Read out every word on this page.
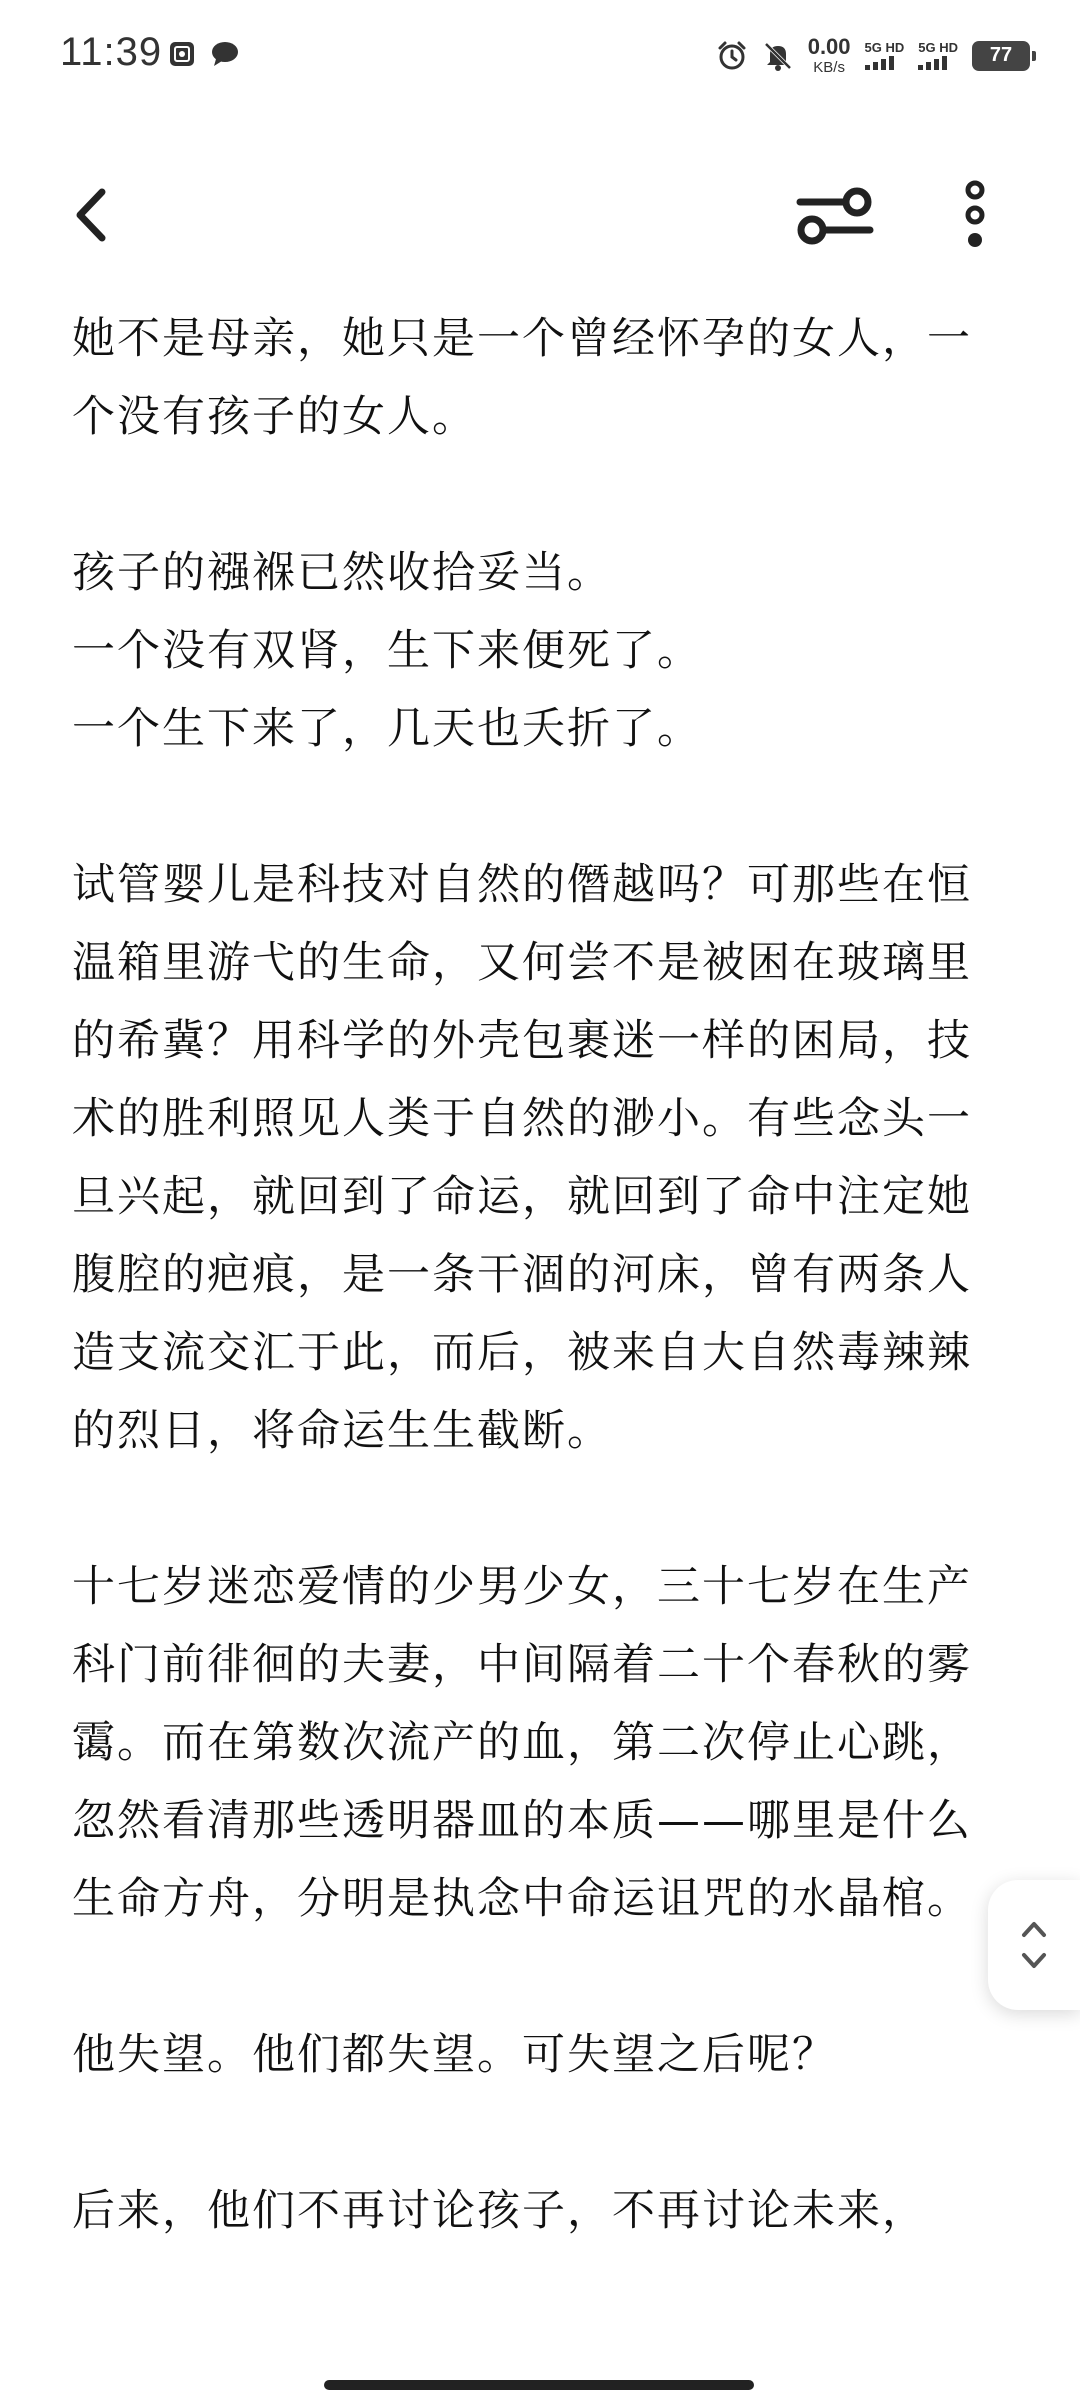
11:39	0.00
KB/s
5G HD 5G HD 77

她不是母亲，她只是一个曾经怀孕的女人，一个没有孩子的女人。

孩子的襁褓已然收拾妥当。
一个没有双肾，生下来便死了。
一个生下来了，几天也夭折了。

试管婴儿是科技对自然的僭越吗？可那些在恒温箱里游弋的生命，又何尝不是被困在玻璃里的希冀？用科学的外壳包裹迷一样的困局，技术的胜利照见人类于自然的渺小。有些念头一旦兴起，就回到了命运，就回到了命中注定她腹腔的疤痕，是一条干涸的河床，曾有两条人造支流交汇于此，而后，被来自大自然毒辣辣的烈日，将命运生生截断。

十七岁迷恋爱情的少男少女，三十七岁在生产科门前徘徊的夫妻，中间隔着二十个春秋的雾霭。而在第数次流产的血，第二次停止心跳，忽然看清那些透明器皿的本质——哪里是什么生命方舟，分明是执念中命运诅咒的水晶棺。

他失望。他们都失望。可失望之后呢？

后来，他们不再讨论孩子，不再讨论未来，
